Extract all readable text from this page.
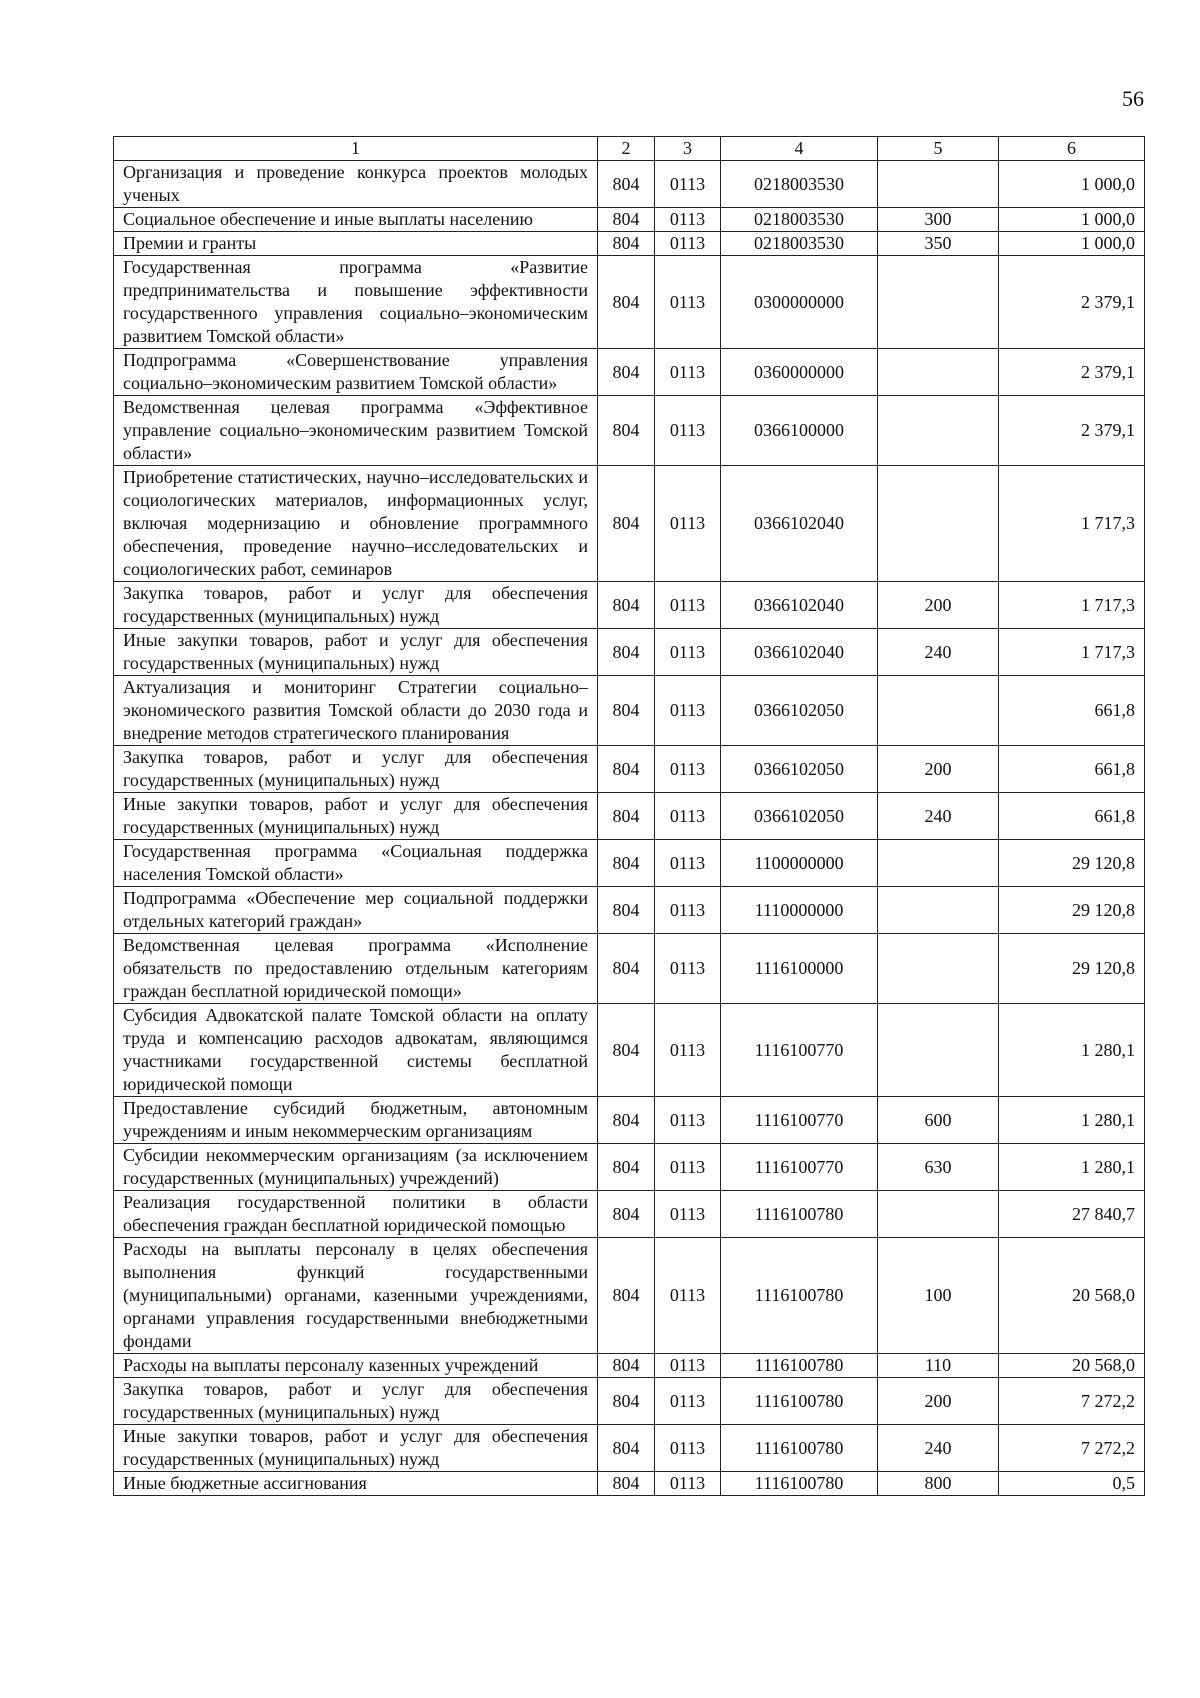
56
1	2	3	4	5	6
Организация и проведение конкурса проектов молодых ученых	804	0113	0218003530		1 000,0
Социальное обеспечение и иные выплаты населению	804	0113	0218003530	300	1 000,0
Премии и гранты	804	0113	0218003530	350	1 000,0
Государственная программа «Развитие предпринимательства и повышение эффективности государственного управления социально–экономическим развитием Томской области»	804	0113	0300000000		2 379,1
Подпрограмма «Совершенствование управления социально–экономическим развитием Томской области»	804	0113	0360000000		2 379,1
Ведомственная целевая программа «Эффективное управление социально–экономическим развитием Томской области»	804	0113	0366100000		2 379,1
Приобретение статистических, научно–исследовательских и социологических материалов, информационных услуг, включая модернизацию и обновление программного обеспечения, проведение научно–исследовательских и социологических работ, семинаров	804	0113	0366102040		1 717,3
Закупка товаров, работ и услуг для обеспечения государственных (муниципальных) нужд	804	0113	0366102040	200	1 717,3
Иные закупки товаров, работ и услуг для обеспечения государственных (муниципальных) нужд	804	0113	0366102040	240	1 717,3
Актуализация и мониторинг Стратегии социально–экономического развития Томской области до 2030 года и внедрение методов стратегического планирования	804	0113	0366102050		661,8
Закупка товаров, работ и услуг для обеспечения государственных (муниципальных) нужд	804	0113	0366102050	200	661,8
Иные закупки товаров, работ и услуг для обеспечения государственных (муниципальных) нужд	804	0113	0366102050	240	661,8
Государственная программа «Социальная поддержка населения Томской области»	804	0113	1100000000		29 120,8
Подпрограмма «Обеспечение мер социальной поддержки отдельных категорий граждан»	804	0113	1110000000		29 120,8
Ведомственная целевая программа «Исполнение обязательств по предоставлению отдельным категориям граждан бесплатной юридической помощи»	804	0113	1116100000		29 120,8
Субсидия Адвокатской палате Томской области на оплату труда и компенсацию расходов адвокатам, являющимся участниками государственной системы бесплатной юридической помощи	804	0113	1116100770		1 280,1
Предоставление субсидий бюджетным, автономным учреждениям и иным некоммерческим организациям	804	0113	1116100770	600	1 280,1
Субсидии некоммерческим организациям (за исключением государственных (муниципальных) учреждений)	804	0113	1116100770	630	1 280,1
Реализация государственной политики в области обеспечения граждан бесплатной юридической помощью	804	0113	1116100780		27 840,7
Расходы на выплаты персоналу в целях обеспечения выполнения функций государственными (муниципальными) органами, казенными учреждениями, органами управления государственными внебюджетными фондами	804	0113	1116100780	100	20 568,0
Расходы на выплаты персоналу казенных учреждений	804	0113	1116100780	110	20 568,0
Закупка товаров, работ и услуг для обеспечения государственных (муниципальных) нужд	804	0113	1116100780	200	7 272,2
Иные закупки товаров, работ и услуг для обеспечения государственных (муниципальных) нужд	804	0113	1116100780	240	7 272,2
Иные бюджетные ассигнования	804	0113	1116100780	800	0,5
